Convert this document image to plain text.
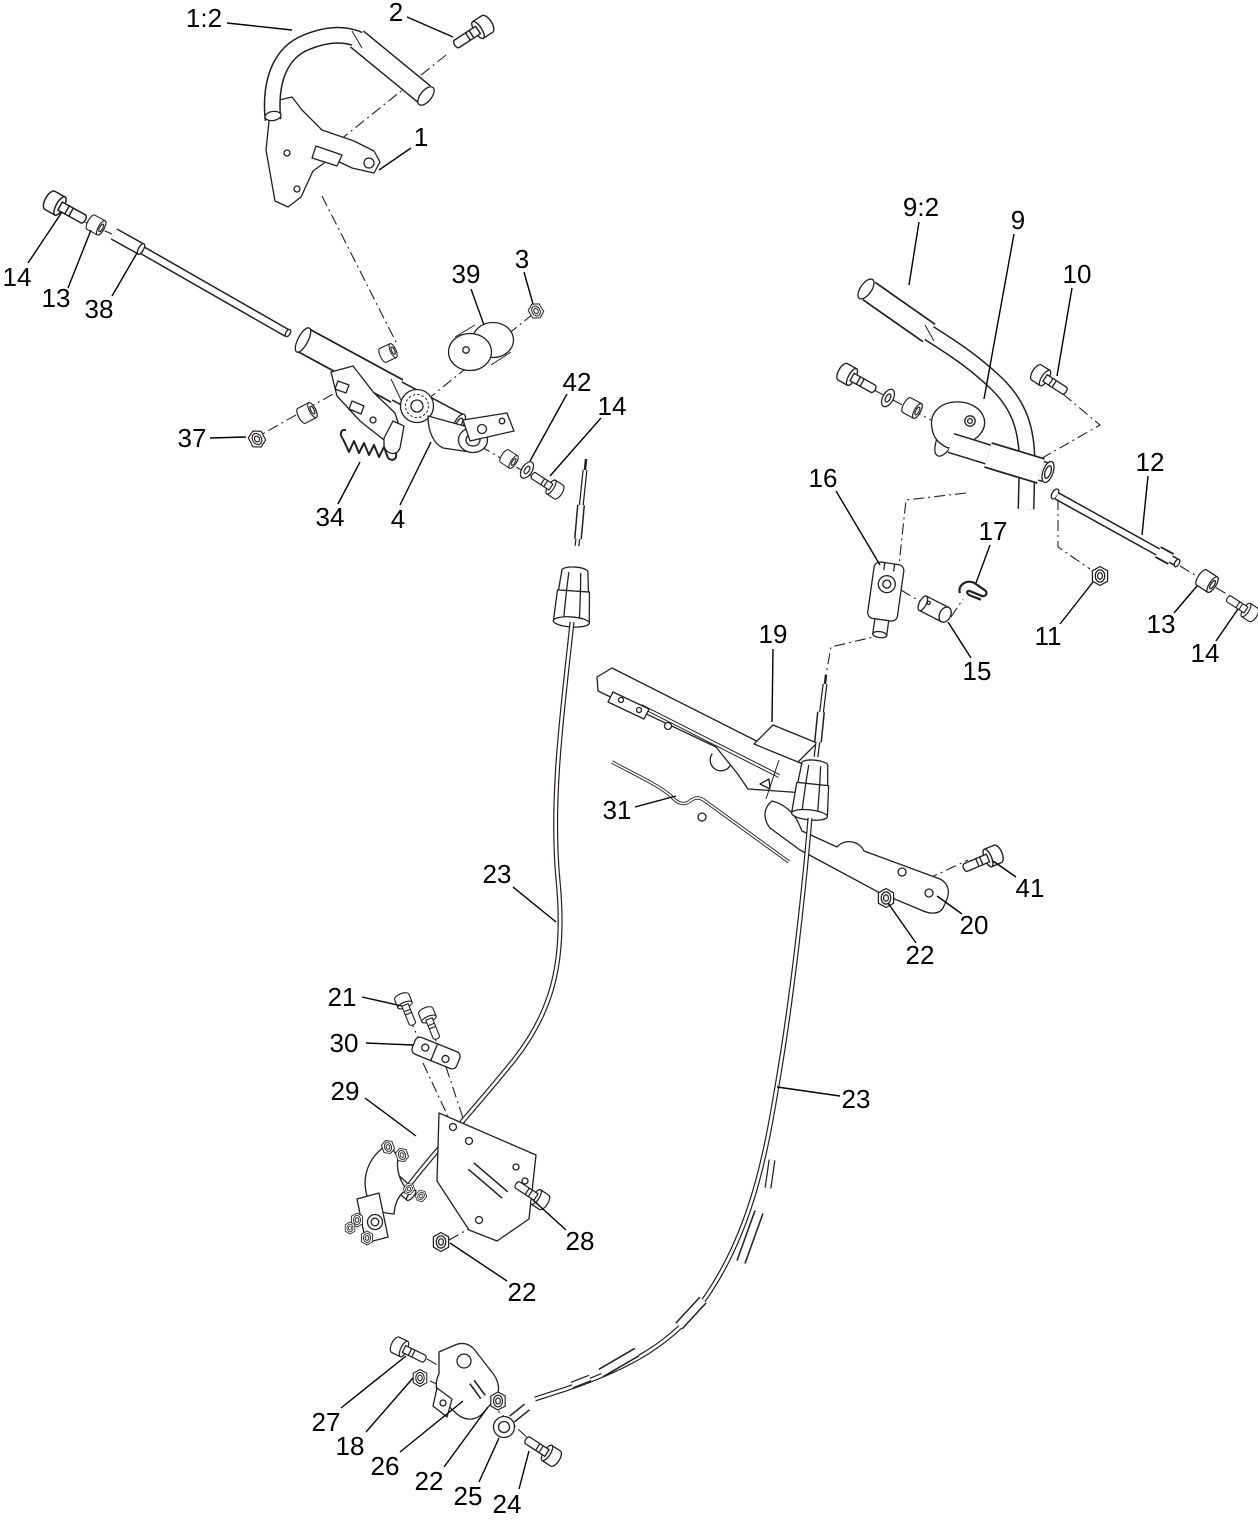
1:2	2
1
14
13 38
37
34 4
39 3
42
14
9:2	9
10
12
16
17
15
11	13
14
19
31
23
23
20
22
41
21
30
29
28
22
27
18
26 22 25 24
